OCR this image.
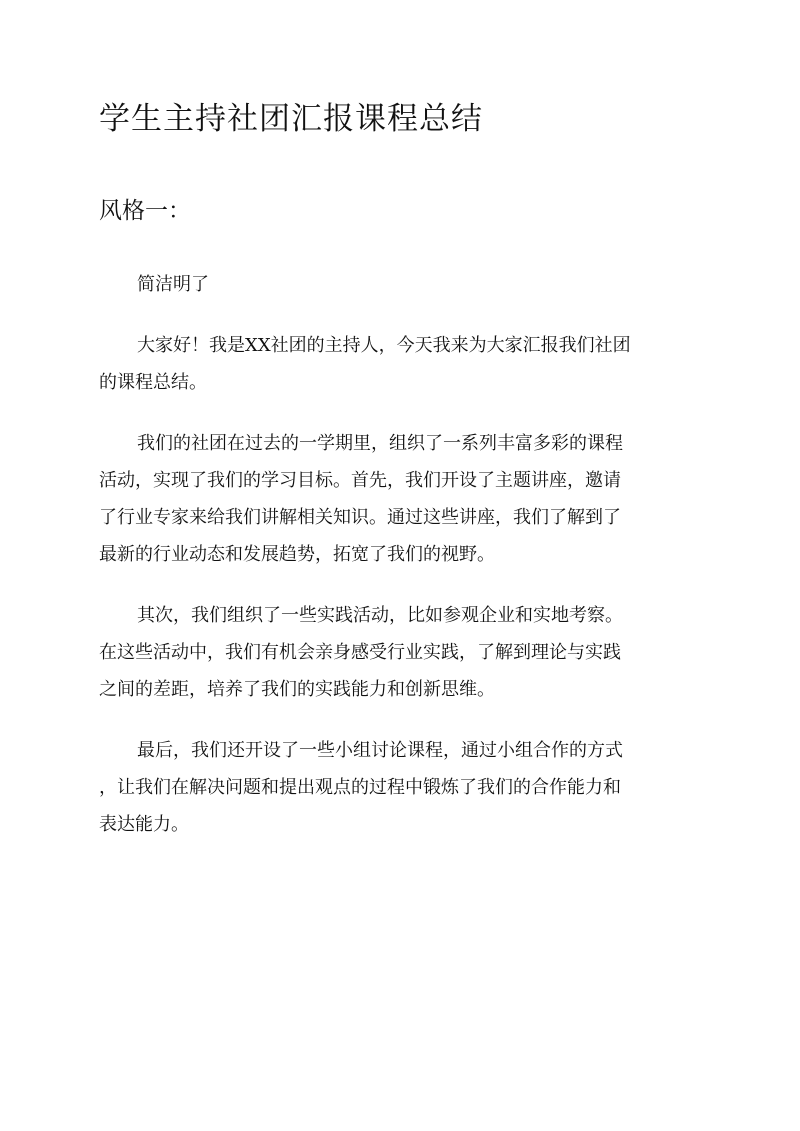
学生主持社团汇报课程总结
风格一：

简洁明了

大家好！我是XX社团的主持人，今天我来为大家汇报我们社团
的课程总结。

我们的社团在过去的一学期里，组织了一系列丰富多彩的课程
活动，实现了我们的学习目标。首先，我们开设了主题讲座，邀请
了行业专家来给我们讲解相关知识。通过这些讲座，我们了解到了
最新的行业动态和发展趋势，拓宽了我们的视野。

其次，我们组织了一些实践活动，比如参观企业和实地考察。
在这些活动中，我们有机会亲身感受行业实践，了解到理论与实践
之间的差距，培养了我们的实践能力和创新思维。

最后，我们还开设了一些小组讨论课程，通过小组合作的方式
，让我们在解决问题和提出观点的过程中锻炼了我们的合作能力和
表达能力。
